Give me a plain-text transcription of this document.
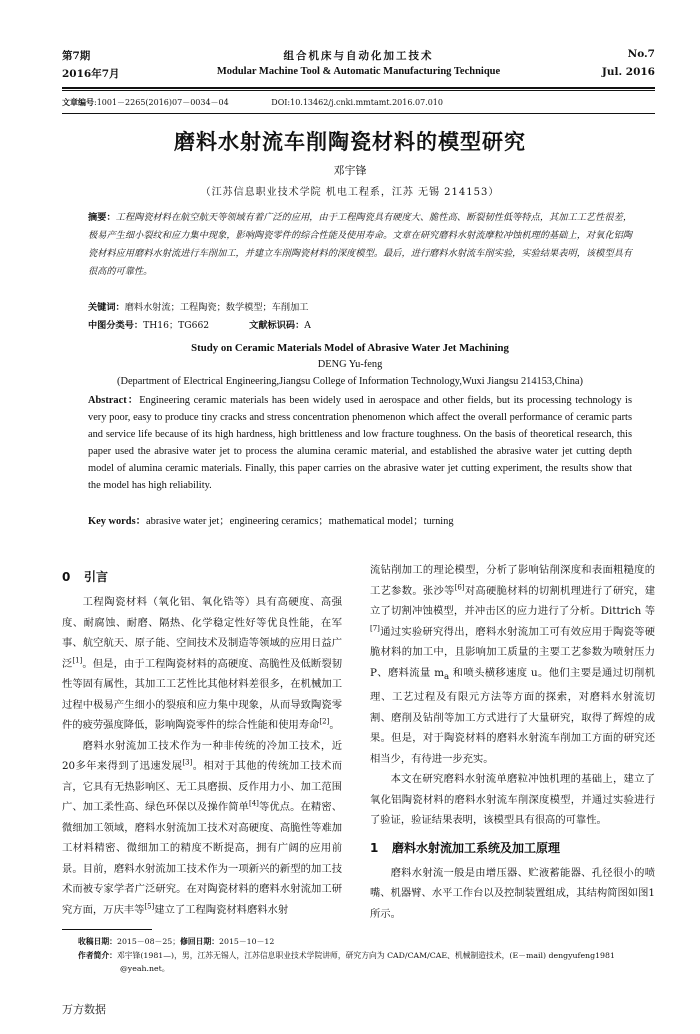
第7期
2016年7月
组合机床与自动化加工技术
Modular Machine Tool & Automatic Manufacturing Technique
No.7
Jul. 2016
文章编号:1001－2265(2016)07－0034－04	DOI:10.13462/j.cnki.mmtamt.2016.07.010
磨料水射流车削陶瓷材料的模型研究
邓宇锋
（江苏信息职业技术学院 机电工程系，江苏 无锡 214153）
摘要：工程陶瓷材料在航空航天等领域有着广泛的应用，由于工程陶瓷具有硬度大、脆性高、断裂韧性低等特点，其加工工艺性很差，极易产生细小裂纹和应力集中现象，影响陶瓷零件的综合性能及使用寿命。文章在研究磨料水射流摩粒冲蚀机理的基础上，对氧化铝陶瓷材料应用磨料水射流进行车削加工，并建立车削陶瓷材料的深度模型。最后，进行磨料水射流车削实验，实验结果表明，该模型具有很高的可靠性。
关键词：磨料水射流；工程陶瓷；数学模型；车削加工
中图分类号：TH16；TG662	文献标识码：A
Study on Ceramic Materials Model of Abrasive Water Jet Machining
DENG Yu-feng
(Department of Electrical Engineering,Jiangsu College of Information Technology,Wuxi Jiangsu 214153,China)
Abstract：Engineering ceramic materials has been widely used in aerospace and other fields, but its processing technology is very poor, easy to produce tiny cracks and stress concentration phenomenon which affect the overall performance of ceramic parts and service life because of its high hardness, high brittleness and low fracture toughness. On the basis of theoretical research, this paper used the abrasive water jet to process the alumina ceramic material, and established the abrasive water jet cutting depth model of alumina ceramic materials. Finally, this paper carries on the abrasive water jet cutting experiment, the results show that the model has high reliability.
Key words：abrasive water jet；engineering ceramics；mathematical model；turning
0 引言

工程陶瓷材料（氧化铝、氧化锆等）具有高硬度、高强度、耐腐蚀、耐磨、隔热、化学稳定性好等优良性能，在军事、航空航天、原子能、空间技术及制造等领域的应用日益广泛[1]。但是，由于工程陶瓷材料的高硬度、高脆性及低断裂韧性等固有属性，其加工工艺性比其他材料差很多，在机械加工过程中极易产生细小的裂痕和应力集中现象，从而导致陶瓷零件的疲劳强度降低，影响陶瓷零件的综合性能和使用寿命[2]。

磨料水射流加工技术作为一种非传统的冷加工技术，近20多年来得到了迅速发展[3]。相对于其他的传统加工技术而言，它具有无热影响区、无工具磨损、反作用力小、加工范围广、加工柔性高、绿色环保以及操作简单[4]等优点。在精密、微细加工领域，磨料水射流加工技术对高硬度、高脆性等难加工材料精密、微细加工的精度不断提高，拥有广阔的应用前景。目前，磨料水射流加工技术作为一项新兴的新型的加工技术而被专家学者广泛研究。在对陶瓷材料的磨料水射流加工研究方面，万庆丰等[5]建立了工程陶瓷材料磨料水射

流钻削加工的理论模型，分析了影响钻削深度和表面粗糙度的工艺参数。张沙等[6]对高硬脆材料的切割机理进行了研究，建立了切割冲蚀模型，并冲击区的应力进行了分析。Dittrich 等[7]通过实验研究得出，磨料水射流加工可有效应用于陶瓷等硬脆材料的加工中，且影响加工质量的主要工艺参数为喷射压力 P、磨料流量 $m_a$ 和喷头横移速度 u。他们主要是通过切削机理、工艺过程及有限元方法等方面的探索，对磨料水射流切割、磨削及钻削等加工方式进行了大量研究，取得了辉煌的成果。但是，对于陶瓷材料的磨料水射流车削加工方面的研究还相当少，有待进一步充实。

本文在研究磨料水射流单磨粒冲蚀机理的基础上，建立了氧化铝陶瓷材料的磨料水射流车削深度模型，并通过实验进行了验证，验证结果表明，该模型具有很高的可靠性。

1 磨料水射流加工系统及加工原理

磨料水射流一般是由增压器、贮液蓄能器、孔径很小的喷嘴、机器臂、水平工作台以及控制装置组成，其结构简图如图1所示。

收稿日期：2015－08－25；修回日期：2015－10－12
作者简介：邓宇锋(1981—)，男，江苏无锡人，江苏信息职业技术学院讲师，研究方向为 CAD/CAM/CAE、机械制造技术，(E－mail) dengyufeng1981
@yeah.net。
万方数据
